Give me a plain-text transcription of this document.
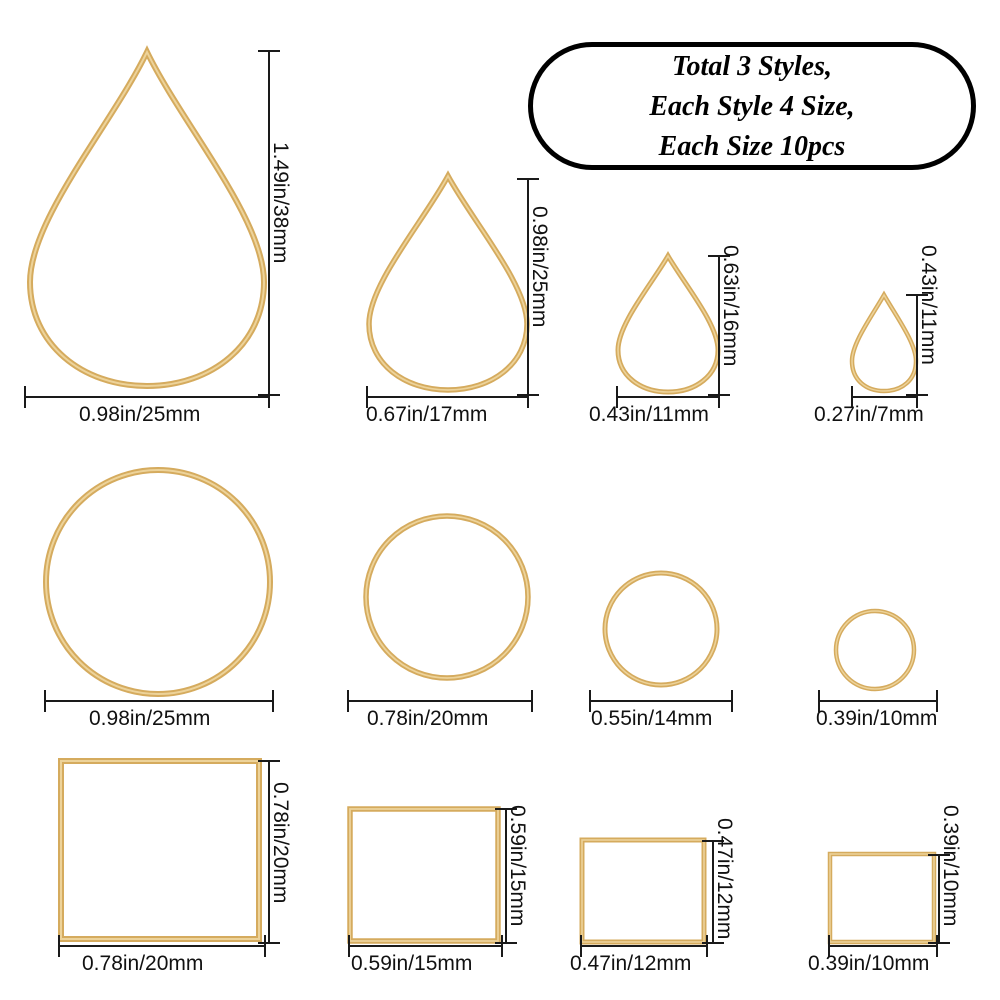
Total 3 Styles,
Each Style 4 Size,
Each Size 10pcs
1.49in/38mm
0.98in/25mm
0.98in/25mm
0.67in/17mm
0.63in/16mm
0.43in/11mm
0.43in/11mm
0.27in/7mm
0.98in/25mm	0.78in/20mm	0.55in/14mm	0.39in/10mm
0.78in/20mm
0.78in/20mm
0.59in/15mm
0.59in/15mm
0.47in/12mm
0.47in/12mm
0.39in/10mm
0.39in/10mm
